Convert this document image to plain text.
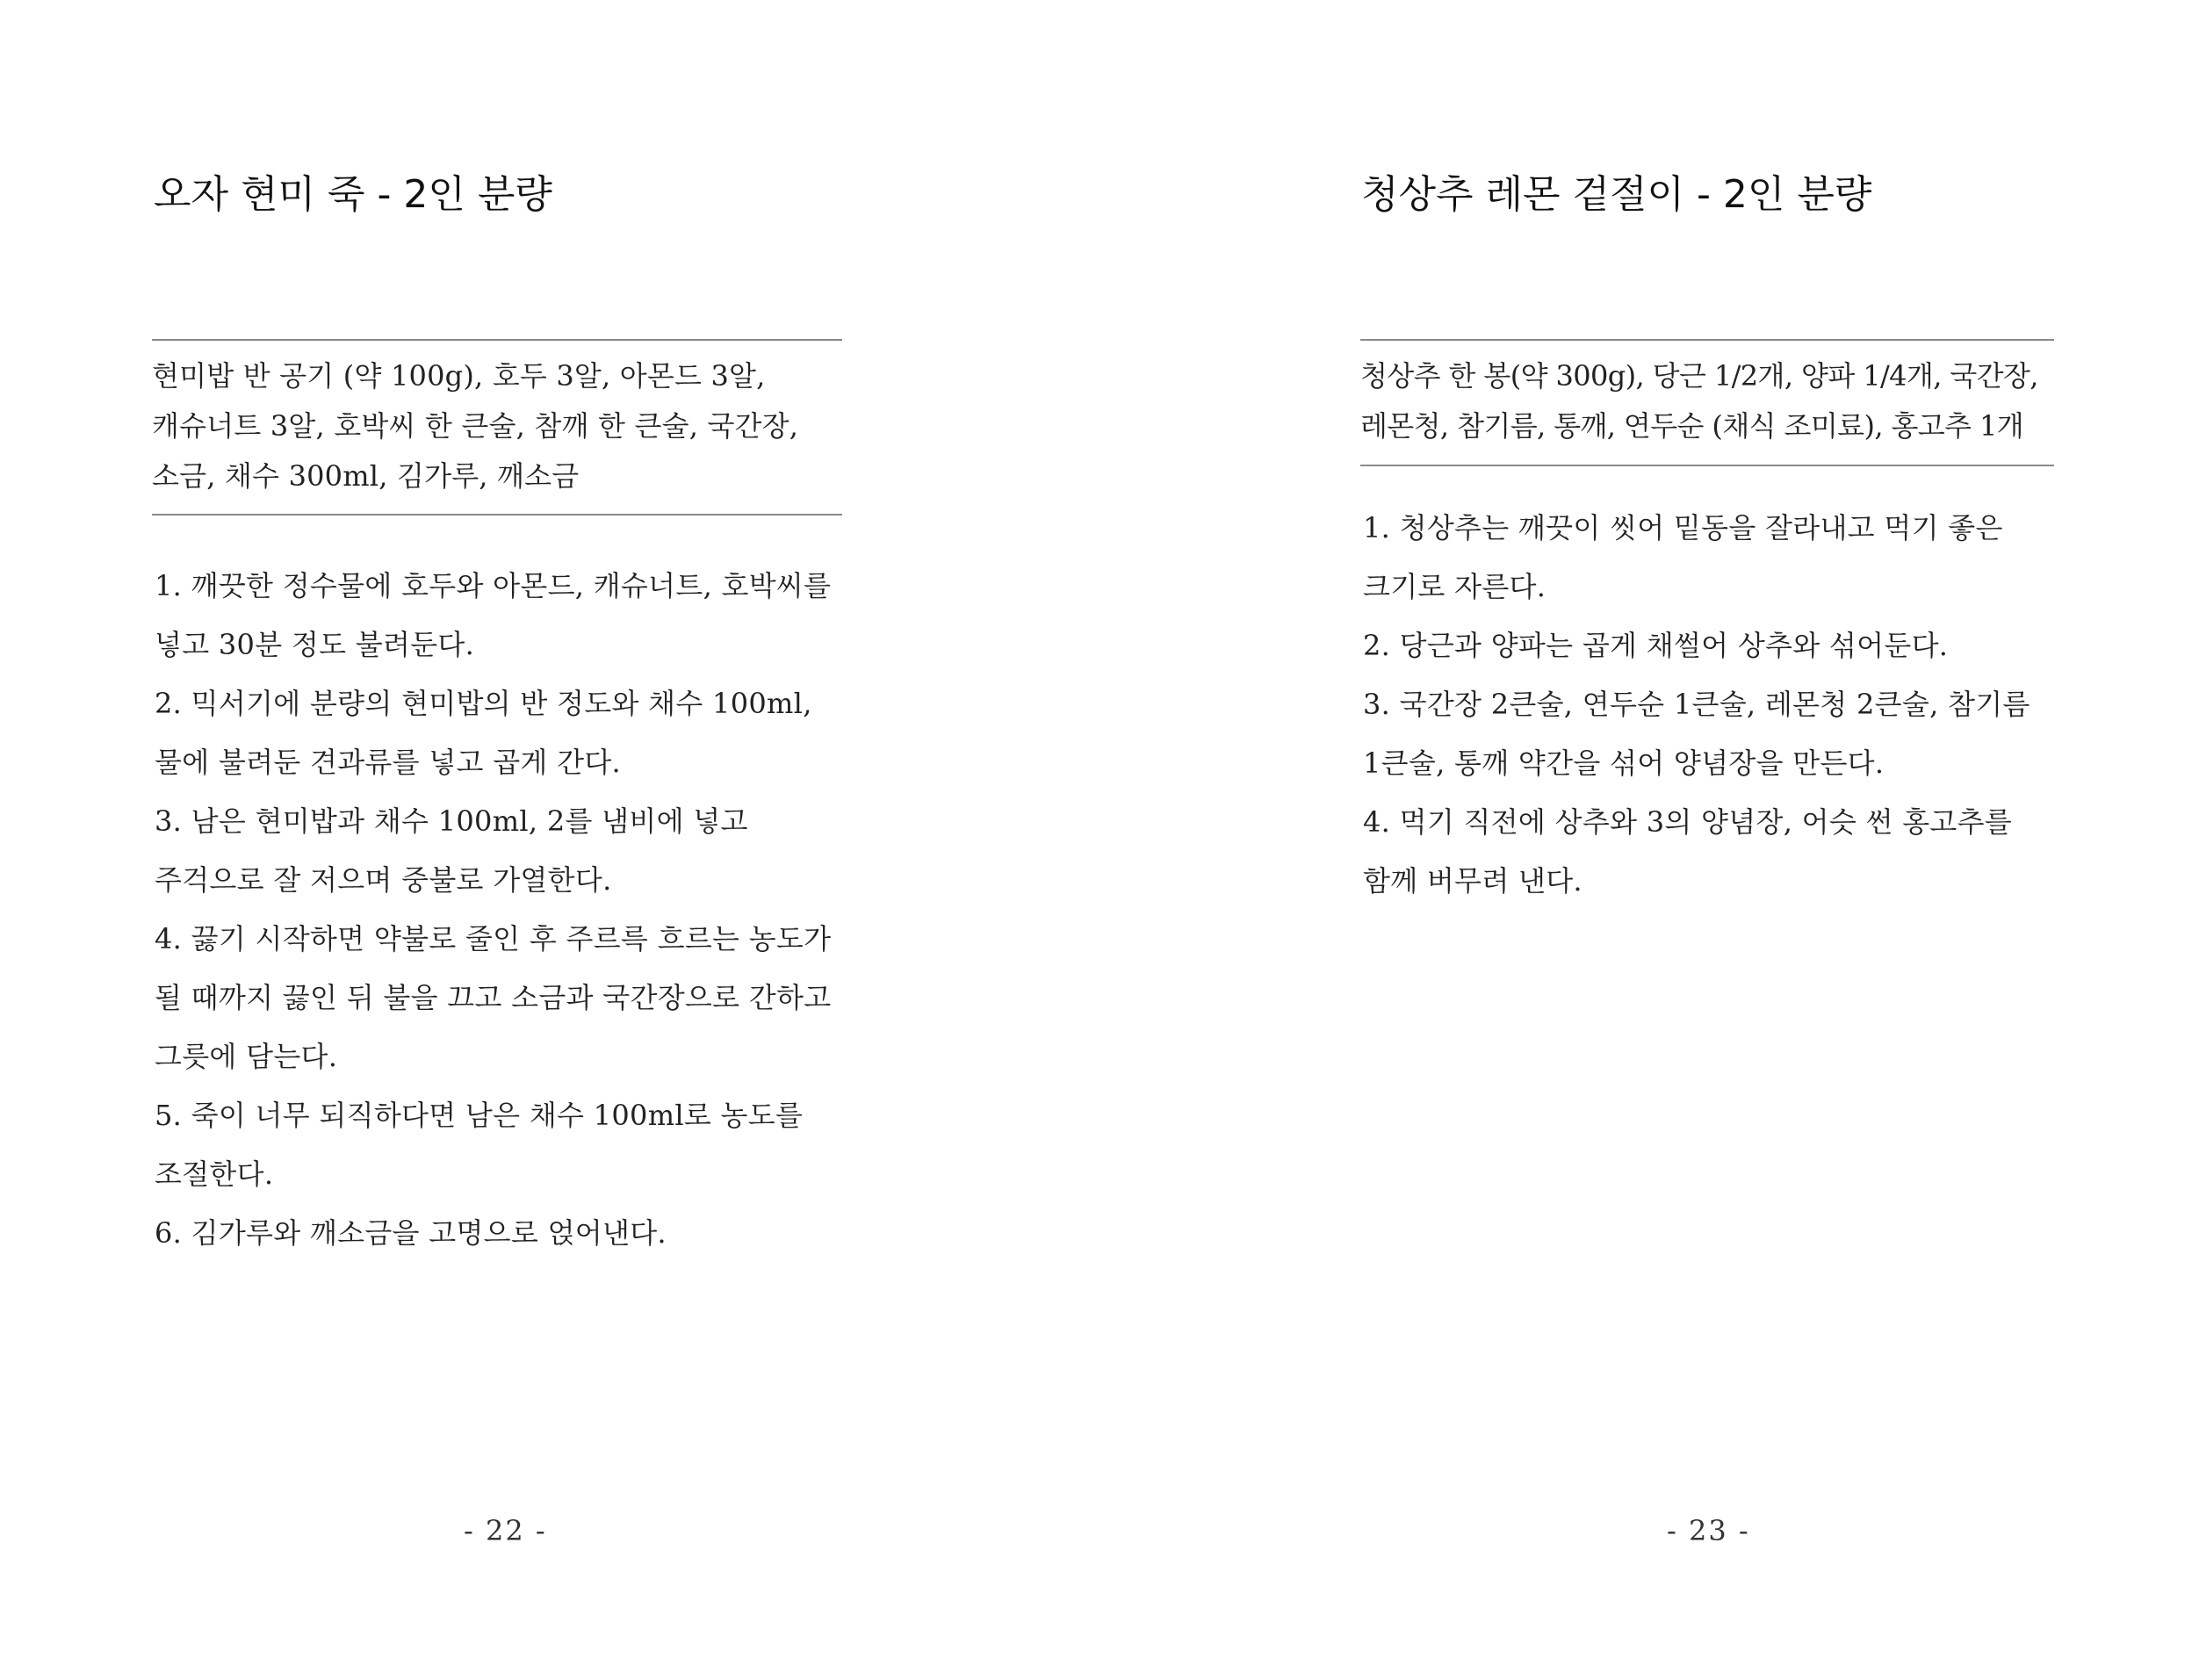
오자 현미 죽 - 2인 분량
현미밥 반 공기 (약 100g), 호두 3알, 아몬드 3알, 캐슈너트 3알, 호박씨 한 큰술, 참깨 한 큰술, 국간장, 소금, 채수 300ml, 김가루, 깨소금
1. 깨끗한 정수물에 호두와 아몬드, 캐슈너트, 호박씨를 넣고 30분 정도 불려둔다.
2. 믹서기에 분량의 현미밥의 반 정도와 채수 100ml, 물에 불려둔 견과류를 넣고 곱게 간다.
3. 남은 현미밥과 채수 100ml, 2를 냄비에 넣고 주걱으로 잘 저으며 중불로 가열한다.
4. 끓기 시작하면 약불로 줄인 후 주르륵 흐르는 농도가 될 때까지 끓인 뒤 불을 끄고 소금과 국간장으로 간하고 그릇에 담는다.
5. 죽이 너무 되직하다면 남은 채수 100ml로 농도를 조절한다.
6. 김가루와 깨소금을 고명으로 얹어낸다.
- 22 -
청상추 레몬 겉절이 - 2인 분량
청상추 한 봉(약 300g), 당근 1/2개, 양파 1/4개, 국간장, 레몬청, 참기름, 통깨, 연두순 (채식 조미료), 홍고추 1개
1. 청상추는 깨끗이 씻어 밑동을 잘라내고 먹기 좋은 크기로 자른다.
2. 당근과 양파는 곱게 채썰어 상추와 섞어둔다.
3. 국간장 2큰술, 연두순 1큰술, 레몬청 2큰술, 참기름 1큰술, 통깨 약간을 섞어 양념장을 만든다.
4. 먹기 직전에 상추와 3의 양념장, 어슷 썬 홍고추를 함께 버무려 낸다.
- 23 -
